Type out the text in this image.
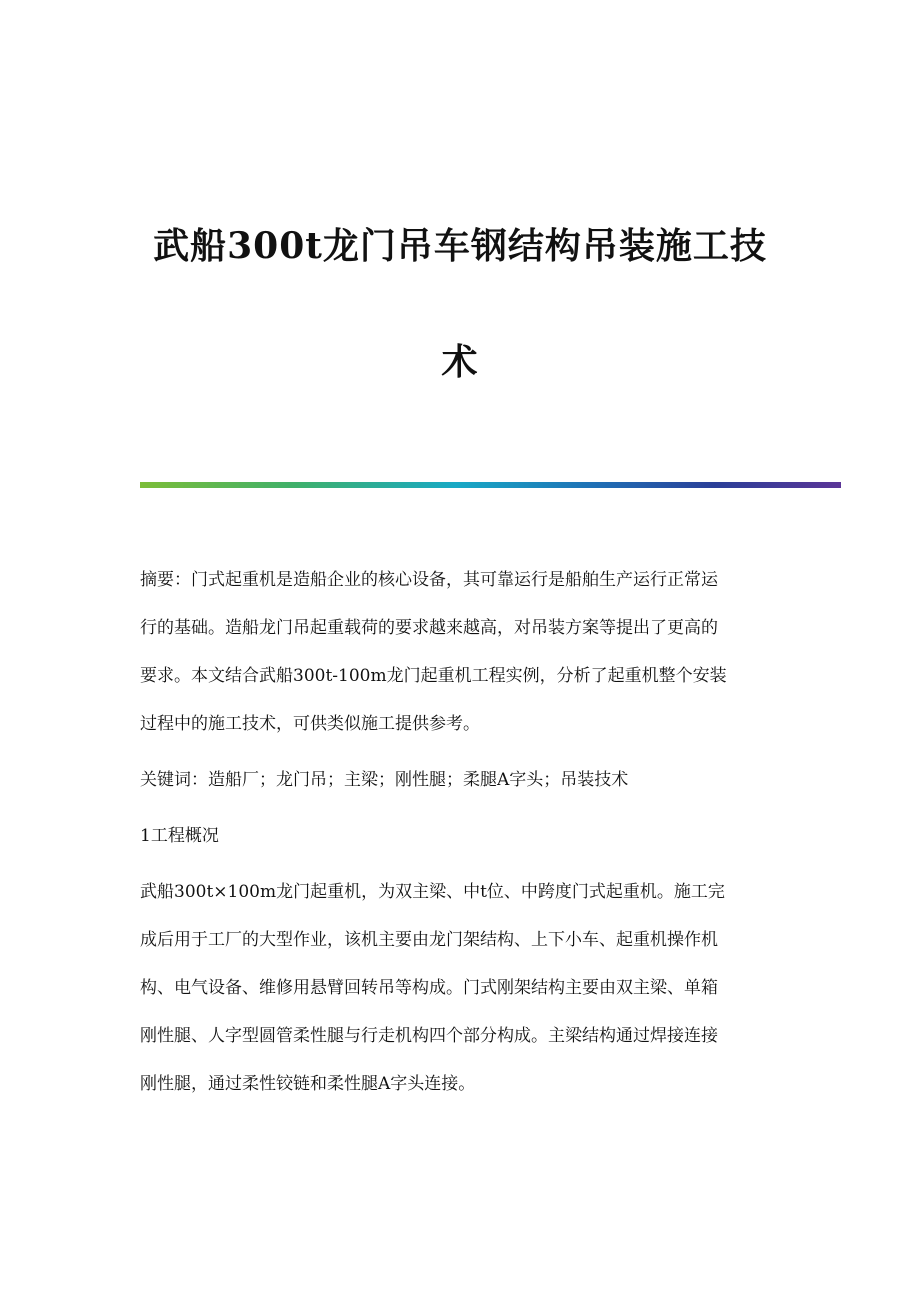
武船300t龙门吊车钢结构吊装施工技
术

摘要：门式起重机是造船企业的核心设备，其可靠运行是船舶生产运行正常运
行的基础。造船龙门吊起重载荷的要求越来越高，对吊装方案等提出了更高的
要求。本文结合武船300t-100m龙门起重机工程实例，分析了起重机整个安装
过程中的施工技术，可供类似施工提供参考。

关键词：造船厂；龙门吊；主梁；刚性腿；柔腿A字头；吊装技术

1工程概况

武船300t×100m龙门起重机，为双主梁、中t位、中跨度门式起重机。施工完
成后用于工厂的大型作业，该机主要由龙门架结构、上下小车、起重机操作机
构、电气设备、维修用悬臂回转吊等构成。门式刚架结构主要由双主梁、单箱
刚性腿、人字型圆管柔性腿与行走机构四个部分构成。主梁结构通过焊接连接
刚性腿，通过柔性铰链和柔性腿A字头连接。
